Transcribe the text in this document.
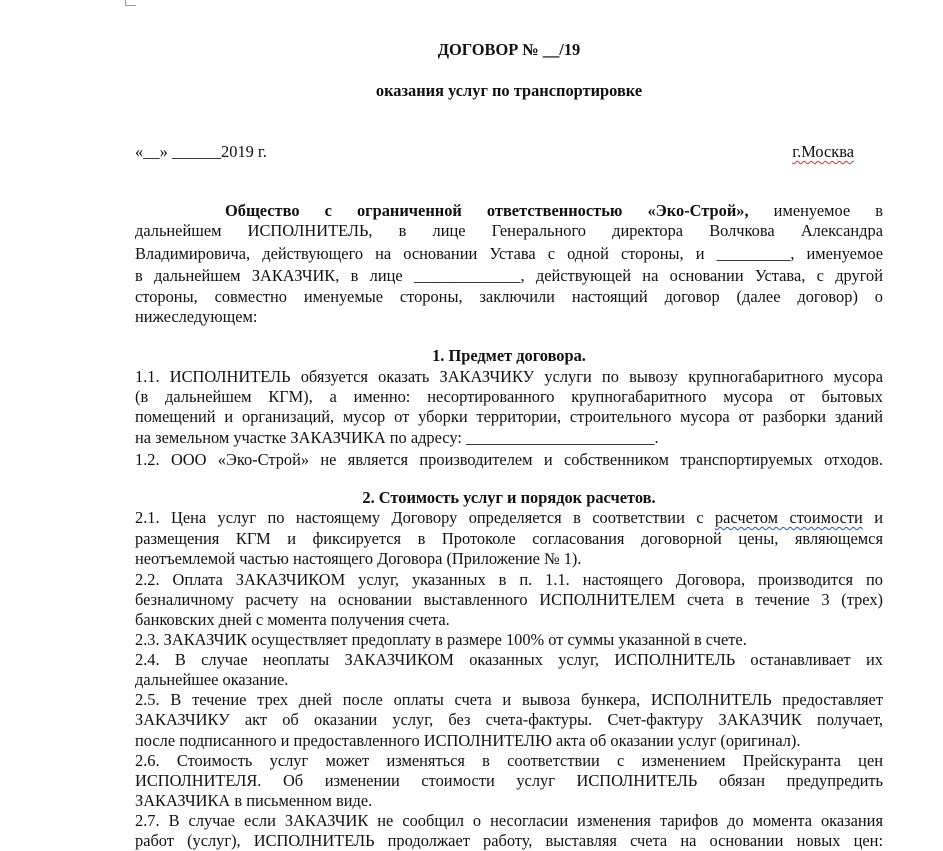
ДОГОВОР № __/19
оказания услуг по транспортировке
«__» ______2019 г.	г.Москва
Общество с ограниченной ответственностью «Эко-Строй», именуемое в
дальнейшем ИСПОЛНИТЕЛЬ, в лице Генерального директора Волчкова Александра
Владимировича, действующего на основании Устава с одной стороны, и _________, именуемое
в дальнейшем ЗАКАЗЧИК, в лице _____________, действующей на основании Устава, с другой
стороны, совместно именуемые стороны, заключили настоящий договор (далее договор) о
нижеследующем:
1. Предмет договора.
1.1. ИСПОЛНИТЕЛЬ обязуется оказать ЗАКАЗЧИКУ услуги по вывозу крупногабаритного мусора
(в дальнейшем КГМ), а именно: несортированного крупногабаритного мусора от бытовых
помещений и организаций, мусор от уборки территории, строительного мусора от разборки зданий
на земельном участке ЗАКАЗЧИКА по адресу: _______________________.
1.2. ООО «Эко-Строй» не является производителем и собственником транспортируемых отходов.
2. Стоимость услуг и порядок расчетов.
2.1. Цена услуг по настоящему Договору определяется в соответствии с расчетом стоимости и
размещения КГМ и фиксируется в Протоколе согласования договорной цены, являющемся
неотъемлемой частью настоящего Договора (Приложение № 1).
2.2. Оплата ЗАКАЗЧИКОМ услуг, указанных в п. 1.1. настоящего Договора, производится по
безналичному расчету на основании выставленного ИСПОЛНИТЕЛЕМ счета в течение 3 (трех)
банковских дней с момента получения счета.
2.3. ЗАКАЗЧИК осуществляет предоплату в размере 100% от суммы указанной в счете.
2.4. В случае неоплаты ЗАКАЗЧИКОМ оказанных услуг, ИСПОЛНИТЕЛЬ останавливает их
дальнейшее оказание.
2.5. В течение трех дней после оплаты счета и вывоза бункера, ИСПОЛНИТЕЛЬ предоставляет
ЗАКАЗЧИКУ акт об оказании услуг, без счета-фактуры. Счет-фактуру ЗАКАЗЧИК получает,
после подписанного и предоставленного ИСПОЛНИТЕЛЮ акта об оказании услуг (оригинал).
2.6. Стоимость услуг может изменяться в соответствии с изменением Прейскуранта цен
ИСПОЛНИТЕЛЯ. Об изменении стоимости услуг ИСПОЛНИТЕЛЬ обязан предупредить
ЗАКАЗЧИКА в письменном виде.
2.7. В случае если ЗАКАЗЧИК не сообщил о несогласии изменения тарифов до момента оказания
работ (услуг), ИСПОЛНИТЕЛЬ продолжает работу, выставляя счета на основании новых цен:
